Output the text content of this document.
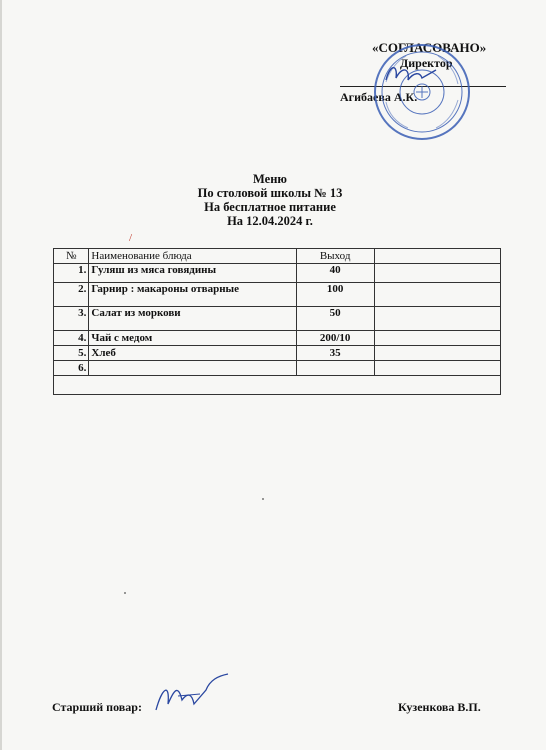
«СОГЛАСОВАНО»
Директор
Агибаева А.К.
Меню
По столовой школы № 13
На бесплатное питание
На 12.04.2024 г.
/
№	Наименование блюда	Выход	
1.	Гуляш из мяса говядины	40	
2.	Гарнир : макароны отварные	100	
3.	Салат из моркови	50	
4.	Чай с медом	200/10	
5.	Хлеб	35	
6.			

Старший повар:	Кузенкова В.П.
